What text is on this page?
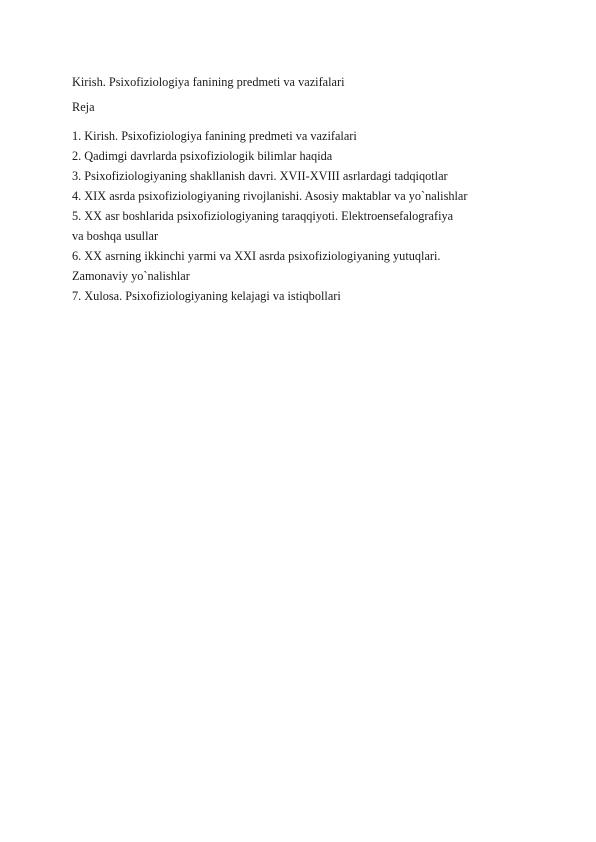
Kirish. Psixofiziologiya fanining predmeti va vazifalari
Reja
1. Kirish. Psixofiziologiya fanining predmeti va vazifalari
2. Qadimgi davrlarda psixofiziologik bilimlar haqida
3. Psixofiziologiyaning shakllanish davri. XVII-XVIII asrlardagi tadqiqotlar
4. XIX asrda psixofiziologiyaning rivojlanishi. Asosiy maktablar va yo`nalishlar
5. XX asr boshlarida psixofiziologiyaning taraqqiyoti. Elektroensefalografiya
va boshqa usullar
6. XX asrning ikkinchi yarmi va XXI asrda psixofiziologiyaning yutuqlari.
Zamonaviy yo`nalishlar
7. Xulosa. Psixofiziologiyaning kelajagi va istiqbollari
